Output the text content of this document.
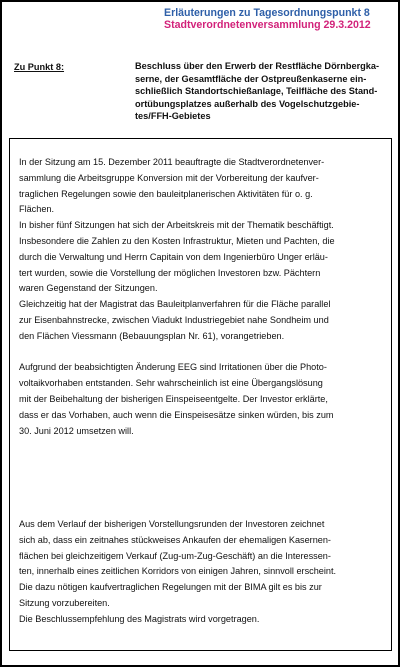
Erläuterungen zu Tagesordnungspunkt 8
Stadtverordnetenversammlung 29.3.2012
Zu Punkt 8:	Beschluss über den Erwerb der Restfläche Dörnbergka-
serne, der Gesamtfläche der Ostpreußenkaserne ein-
schließlich Standortschießanlage, Teilfläche des Stand-
ortübungsplatzes außerhalb des Vogelschutzgebie-
tes/FFH-Gebietes
In der Sitzung am 15. Dezember 2011 beauftragte die Stadtverordnetenver-
sammlung die Arbeitsgruppe Konversion mit der Vorbereitung der kaufver-
traglichen Regelungen sowie den bauleitplanerischen Aktivitäten für o. g.
Flächen.
In bisher fünf Sitzungen hat sich der Arbeitskreis mit der Thematik beschäftigt.
Insbesondere die Zahlen zu den Kosten Infrastruktur, Mieten und Pachten, die
durch die Verwaltung und Herrn Capitain von dem Ingenierbüro Unger erläu-
tert wurden, sowie die Vorstellung der möglichen Investoren bzw. Pächtern
waren Gegenstand der Sitzungen.
Gleichzeitig hat der Magistrat das Bauleitplanverfahren für die Fläche parallel
zur Eisenbahnstrecke, zwischen Viadukt Industriegebiet nahe Sondheim und
den Flächen Viessmann (Bebauungsplan Nr. 61), vorangetrieben.

Aufgrund der beabsichtigten Änderung EEG sind Irritationen über die Photo-
voltaikvorhaben entstanden. Sehr wahrscheinlich ist eine Übergangslösung
mit der Beibehaltung der bisherigen Einspeiseentgelte. Der Investor erklärte,
dass er das Vorhaben, auch wenn die Einspeisesätze sinken würden, bis zum
30. Juni 2012 umsetzen will.
Aus dem Verlauf der bisherigen Vorstellungsrunden der Investoren zeichnet
sich ab, dass ein zeitnahes stückweises Ankaufen der ehemaligen Kasernen-
flächen bei gleichzeitigem Verkauf (Zug-um-Zug-Geschäft) an die Interessen-
ten, innerhalb eines zeitlichen Korridors von einigen Jahren, sinnvoll erscheint.
Die dazu nötigen kaufvertraglichen Regelungen mit der BIMA gilt es bis zur
Sitzung vorzubereiten.
Die Beschlussempfehlung des Magistrats wird vorgetragen.
